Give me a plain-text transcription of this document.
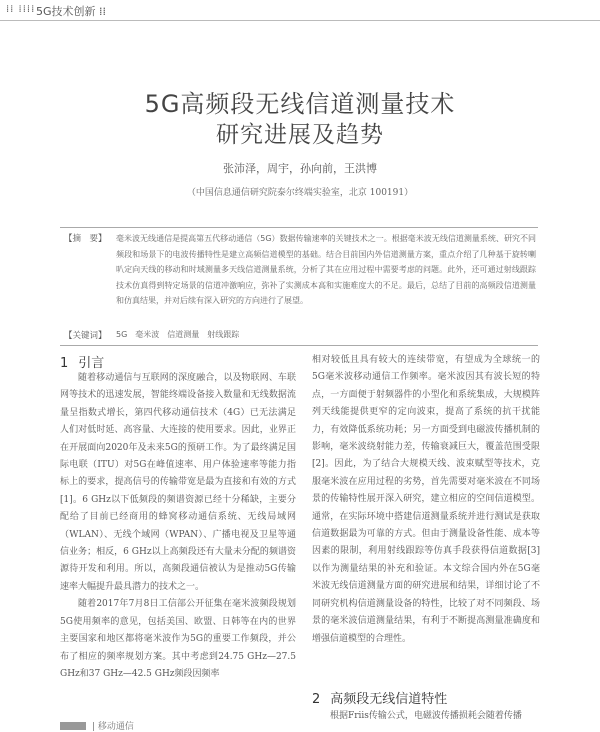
⁞⁞ ⁞⁞⁞⁞ 5G技术创新 ⁞⁞
5G高频段无线信道测量技术
研究进展及趋势
张沛泽，周宇，孙向前，王洪博
（中国信息通信研究院泰尔终端实验室，北京 100191）
【摘　要】 毫米波无线通信是提高第五代移动通信（5G）数据传输速率的关键技术之一。根据毫米波无线信道测量系统、研究不同频段和场景下的电波传播特性是建立高频信道模型的基础。结合目前国内外信道测量方案，重点介绍了几种基于旋转喇叭定向天线的移动和时域测量多天线信道测量系统，分析了其在应用过程中需要考虑的问题。此外，还可通过射线跟踪技术仿真得到特定场景的信道冲激响应，弥补了实测成本高和实施难度大的不足。最后，总结了目前的高频段信道测量和仿真结果，并对后续有深入研究的方向进行了展望。
【关键词】 5G　毫米波　信道测量　射线跟踪
1 引言

随着移动通信与互联网的深度融合，以及物联网、车联网等技术的迅速发展，智能终端设备接入数量和无线数据流量呈指数式增长，第四代移动通信技术（4G）已无法满足人们对低时延、高容量、大连接的使用要求。因此，业界正在开展面向2020年及未来5G的预研工作。为了最终满足国际电联（ITU）对5G在峰值速率、用户体验速率等能力指标上的要求，提高信号的传输带宽是最为直接和有效的方式[1]。6 GHz以下低频段的频谱资源已经十分稀缺，主要分配给了目前已经商用的蜂窝移动通信系统、无线局域网（WLAN）、无线个域网（WPAN）、广播电视及卫星等通信业务；相反，6 GHz以上高频段还有大量未分配的频谱资源待开发和利用。所以，高频段通信被认为是推动5G传输速率大幅提升最具潜力的技术之一。

随着2017年7月8日工信部公开征集在毫米波频段规划5G使用频率的意见，包括美国、欧盟、日韩等在内的世界主要国家和地区都将毫米波作为5G的重要工作频段，并公布了相应的频率规划方案。其中考虑到24.75 GHz—27.5 GHz和37 GHz—42.5 GHz频段因频率

相对较低且具有较大的连续带宽，有望成为全球统一的5G毫米波移动通信工作频率。毫米波因其有波长短的特点，一方面便于射频器件的小型化和系统集成，大规模阵列天线能提供更窄的定向波束，提高了系统的抗干扰能力，有效降低系统功耗；另一方面受到电磁波传播机制的影响，毫米波绕射能力差，传输衰减巨大，覆盖范围受限[2]。因此，为了结合大规模天线、波束赋型等技术，克服毫米波在应用过程的劣势，首先需要对毫米波在不同场景的传输特性展开深入研究，建立相应的空间信道模型。通常，在实际环境中搭建信道测量系统并进行测试是获取信道数据最为可靠的方式。但由于测量设备性能、成本等因素的限制，利用射线跟踪等仿真手段获得信道数据[3]以作为测量结果的补充和验证。本文综合国内外在5G毫米波无线信道测量方面的研究进展和结果，详细讨论了不同研究机构信道测量设备的特性，比较了对不同频段、场景的毫米波信道测量结果，有利于不断提高测量准确度和增强信道模型的合理性。

2 高频段无线信道特性

根据Friis传输公式，电磁波传播损耗会随着传播

| 移动通信
